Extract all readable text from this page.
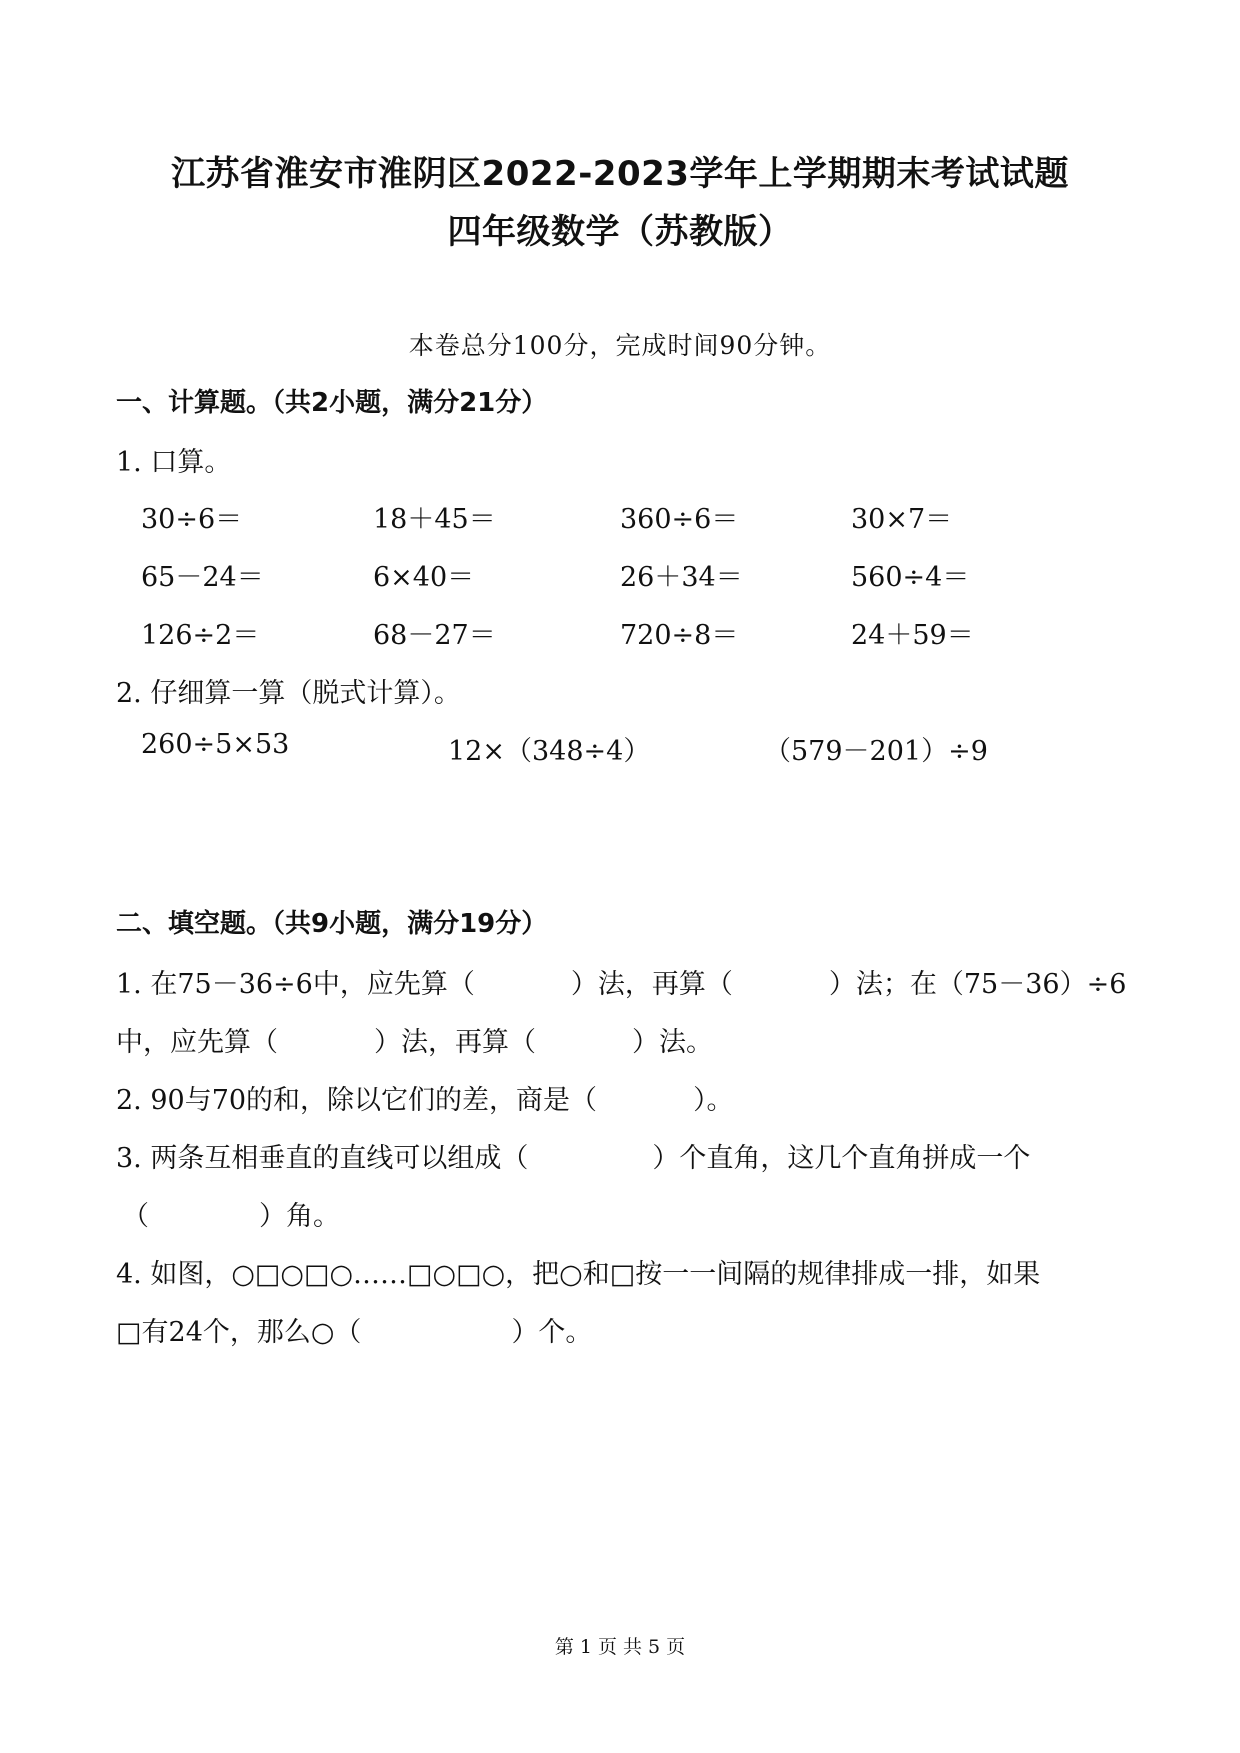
江苏省淮安市淮阴区2022-2023学年上学期期末考试试题
四年级数学（苏教版）
本卷总分100分，完成时间90分钟。
一、计算题。（共2小题，满分21分）
1. 口算。
30÷6＝	18＋45＝	360÷6＝	30×7＝
65－24＝	6×40＝	26＋34＝	560÷4＝
126÷2＝	68－27＝	720÷8＝	24＋59＝
2. 仔细算一算（脱式计算）。
260÷5×53	12×（348÷4）	（579－201）÷9
二、填空题。（共9小题，满分19分）
1. 在75－36÷6中，应先算（	）法，再算（	）法；在（75－36）÷6
中，应先算（	）法，再算（	）法。
2. 90与70的和，除以它们的差，商是（	）。
3. 两条互相垂直的直线可以组成（	）个直角，这几个直角拼成一个
（	）角。
4. 如图，○□○□○……□○□○，把○和□按一一间隔的规律排成一排，如果
□有24个，那么○（	）个。
第 1 页 共 5 页
